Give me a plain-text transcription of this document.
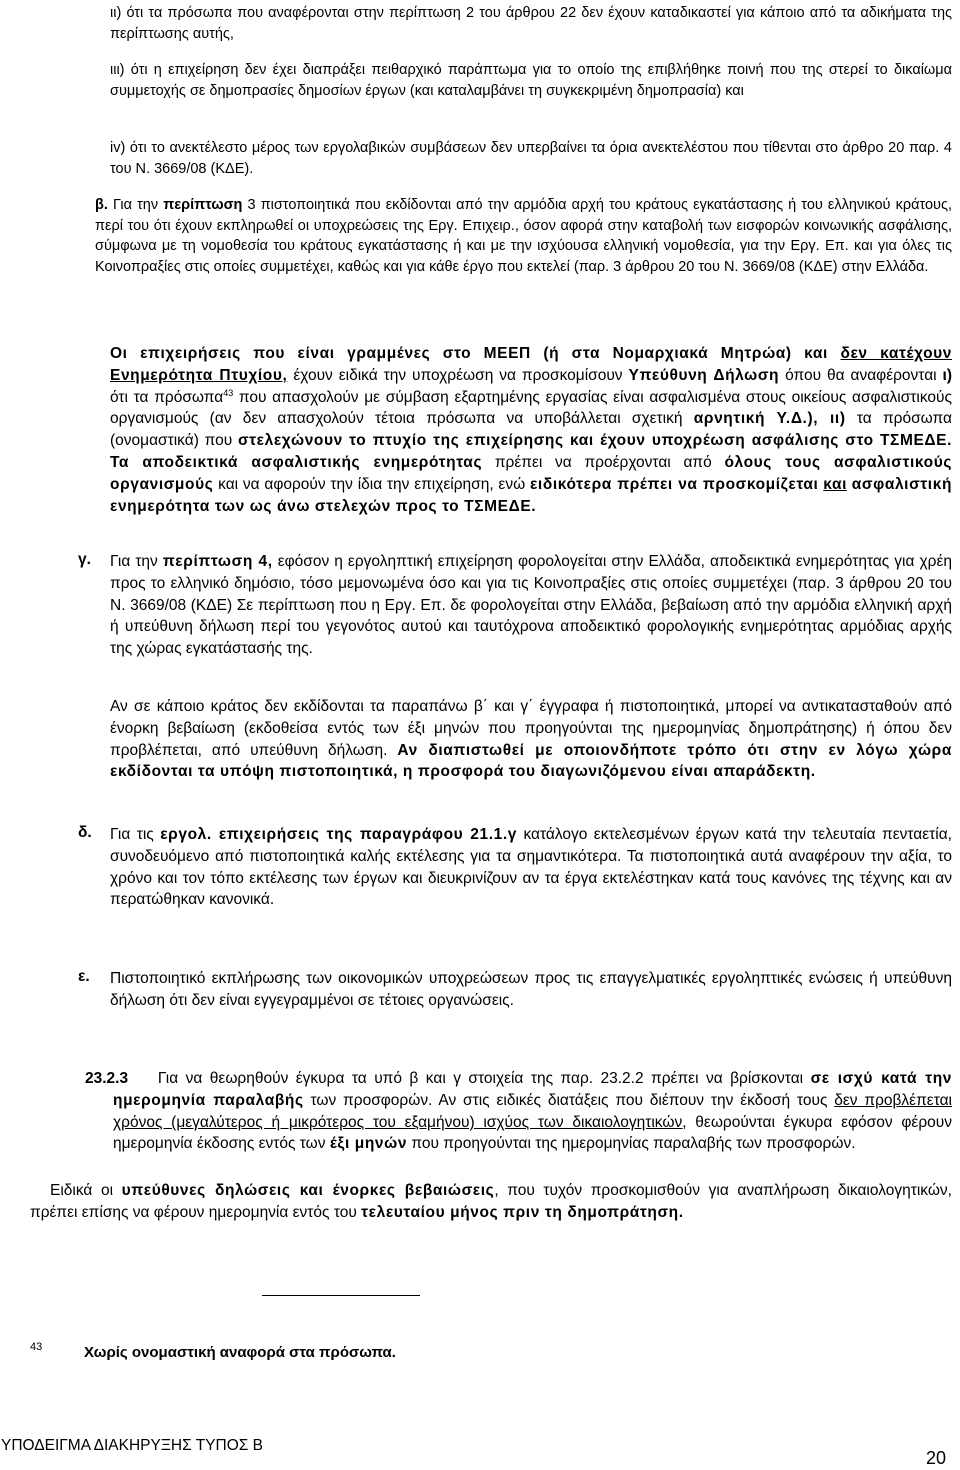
ιι) ότι τα πρόσωπα που αναφέρονται στην περίπτωση 2 του άρθρου 22 δεν έχουν καταδικαστεί για κάποιο από τα αδικήματα της περίπτωσης αυτής,
ιιι) ότι η επιχείρηση δεν έχει διαπράξει πειθαρχικό παράπτωμα για το οποίο της επιβλήθηκε ποινή που της στερεί το δικαίωμα συμμετοχής σε δημοπρασίες δημοσίων έργων (και καταλαμβάνει τη συγκεκριμένη δημοπρασία) και
iv) ότι το ανεκτέλεστο μέρος των εργολαβικών συμβάσεων δεν υπερβαίνει τα όρια ανεκτελέστου που τίθενται στο άρθρο 20 παρ. 4 του Ν. 3669/08 (ΚΔΕ).
β. Για την περίπτωση 3 πιστοποιητικά που εκδίδονται από την αρμόδια αρχή του κράτους εγκατάστασης ή του ελληνικού κράτους, περί του ότι έχουν εκπληρωθεί οι υποχρεώσεις της Εργ. Επιχειρ., όσον αφορά στην καταβολή των εισφορών κοινωνικής ασφάλισης, σύμφωνα με τη νομοθεσία του κράτους εγκατάστασης ή και με την ισχύουσα ελληνική νομοθεσία, για την Εργ. Επ. και για όλες τις Κοινοπραξίες στις οποίες συμμετέχει, καθώς και για κάθε έργο που εκτελεί (παρ. 3 άρθρου 20 του Ν. 3669/08 (ΚΔΕ) στην Ελλάδα.
Οι επιχειρήσεις που είναι γραμμένες στο ΜΕΕΠ (ή στα Νομαρχιακά Μητρώα) και δεν κατέχουν Ενημερότητα Πτυχίου, έχουν ειδικά την υποχρέωση να προσκομίσουν Υπεύθυνη Δήλωση όπου θα αναφέρονται ι) ότι τα πρόσωπα$^{43}$ που απασχολούν με σύμβαση εξαρτημένης εργασίας είναι ασφαλισμένα στους οικείους ασφαλιστικούς οργανισμούς (αν δεν απασχολούν τέτοια πρόσωπα να υποβάλλεται σχετική αρνητική Υ.Δ.), ιι) τα πρόσωπα (ονομαστικά) που στελεχώνουν το πτυχίο της επιχείρησης και έχουν υποχρέωση ασφάλισης στο ΤΣΜΕΔΕ. Τα αποδεικτικά ασφαλιστικής ενημερότητας πρέπει να προέρχονται από όλους τους ασφαλιστικούς οργανισμούς και να αφορούν την ίδια την επιχείρηση, ενώ ειδικότερα πρέπει να προσκομίζεται και ασφαλιστική ενημερότητα των ως άνω στελεχών προς το ΤΣΜΕΔΕ.
γ. Για την περίπτωση 4, εφόσον η εργοληπτική επιχείρηση φορολογείται στην Ελλάδα, αποδεικτικά ενημερότητας για χρέη προς το ελληνικό δημόσιο, τόσο μεμονωμένα όσο και για τις Κοινοπραξίες στις οποίες συμμετέχει (παρ. 3 άρθρου 20 του Ν. 3669/08 (ΚΔΕ) Σε περίπτωση που η Εργ. Επ. δε φορολογείται στην Ελλάδα, βεβαίωση από την αρμόδια ελληνική αρχή ή υπεύθυνη δήλωση περί του γεγονότος αυτού και ταυτόχρονα αποδεικτικό φορολογικής ενημερότητας αρμόδιας αρχής της χώρας εγκατάστασής της.
Αν σε κάποιο κράτος δεν εκδίδονται τα παραπάνω β΄ και γ΄ έγγραφα ή πιστοποιητικά, μπορεί να αντικατασταθούν από ένορκη βεβαίωση (εκδοθείσα εντός των έξι μηνών που προηγούνται της ημερομηνίας δημοπράτησης) ή όπου δεν προβλέπεται, από υπεύθυνη δήλωση. Αν διαπιστωθεί με οποιονδήποτε τρόπο ότι στην εν λόγω χώρα εκδίδονται τα υπόψη πιστοποιητικά, η προσφορά του διαγωνιζόμενου είναι απαράδεκτη.
δ. Για τις εργολ. επιχειρήσεις της παραγράφου 21.1.γ κατάλογο εκτελεσμένων έργων κατά την τελευταία πενταετία, συνοδευόμενο από πιστοποιητικά καλής εκτέλεσης για τα σημαντικότερα. Τα πιστοποιητικά αυτά αναφέρουν την αξία, το χρόνο και τον τόπο εκτέλεσης των έργων και διευκρινίζουν αν τα έργα εκτελέστηκαν κατά τους κανόνες της τέχνης και αν περατώθηκαν κανονικά.
ε. Πιστοποιητικό εκπλήρωσης των οικονομικών υποχρεώσεων προς τις επαγγελματικές εργοληπτικές ενώσεις ή υπεύθυνη δήλωση ότι δεν είναι εγγεγραμμένοι σε τέτοιες οργανώσεις.
23.2.3 Για να θεωρηθούν έγκυρα τα υπό β και γ στοιχεία της παρ. 23.2.2 πρέπει να βρίσκονται σε ισχύ κατά την ημερομηνία παραλαβής των προσφορών. Αν στις ειδικές διατάξεις που διέπουν την έκδοσή τους δεν προβλέπεται χρόνος (μεγαλύτερος ή μικρότερος του εξαμήνου) ισχύος των δικαιολογητικών, θεωρούνται έγκυρα εφόσον φέρουν ημερομηνία έκδοσης εντός των έξι μηνών που προηγούνται της ημερομηνίας παραλαβής των προσφορών.
Ειδικά οι υπεύθυνες δηλώσεις και ένορκες βεβαιώσεις, που τυχόν προσκομισθούν για αναπλήρωση δικαιολογητικών, πρέπει επίσης να φέρουν ημερομηνία εντός του τελευταίου μήνος πριν τη δημοπράτηση.
43	Χωρίς ονομαστική αναφορά στα πρόσωπα.
ΥΠΟΔΕΙΓΜΑ ΔΙΑΚΗΡΥΞΗΣ ΤΥΠΟΣ Β
20
